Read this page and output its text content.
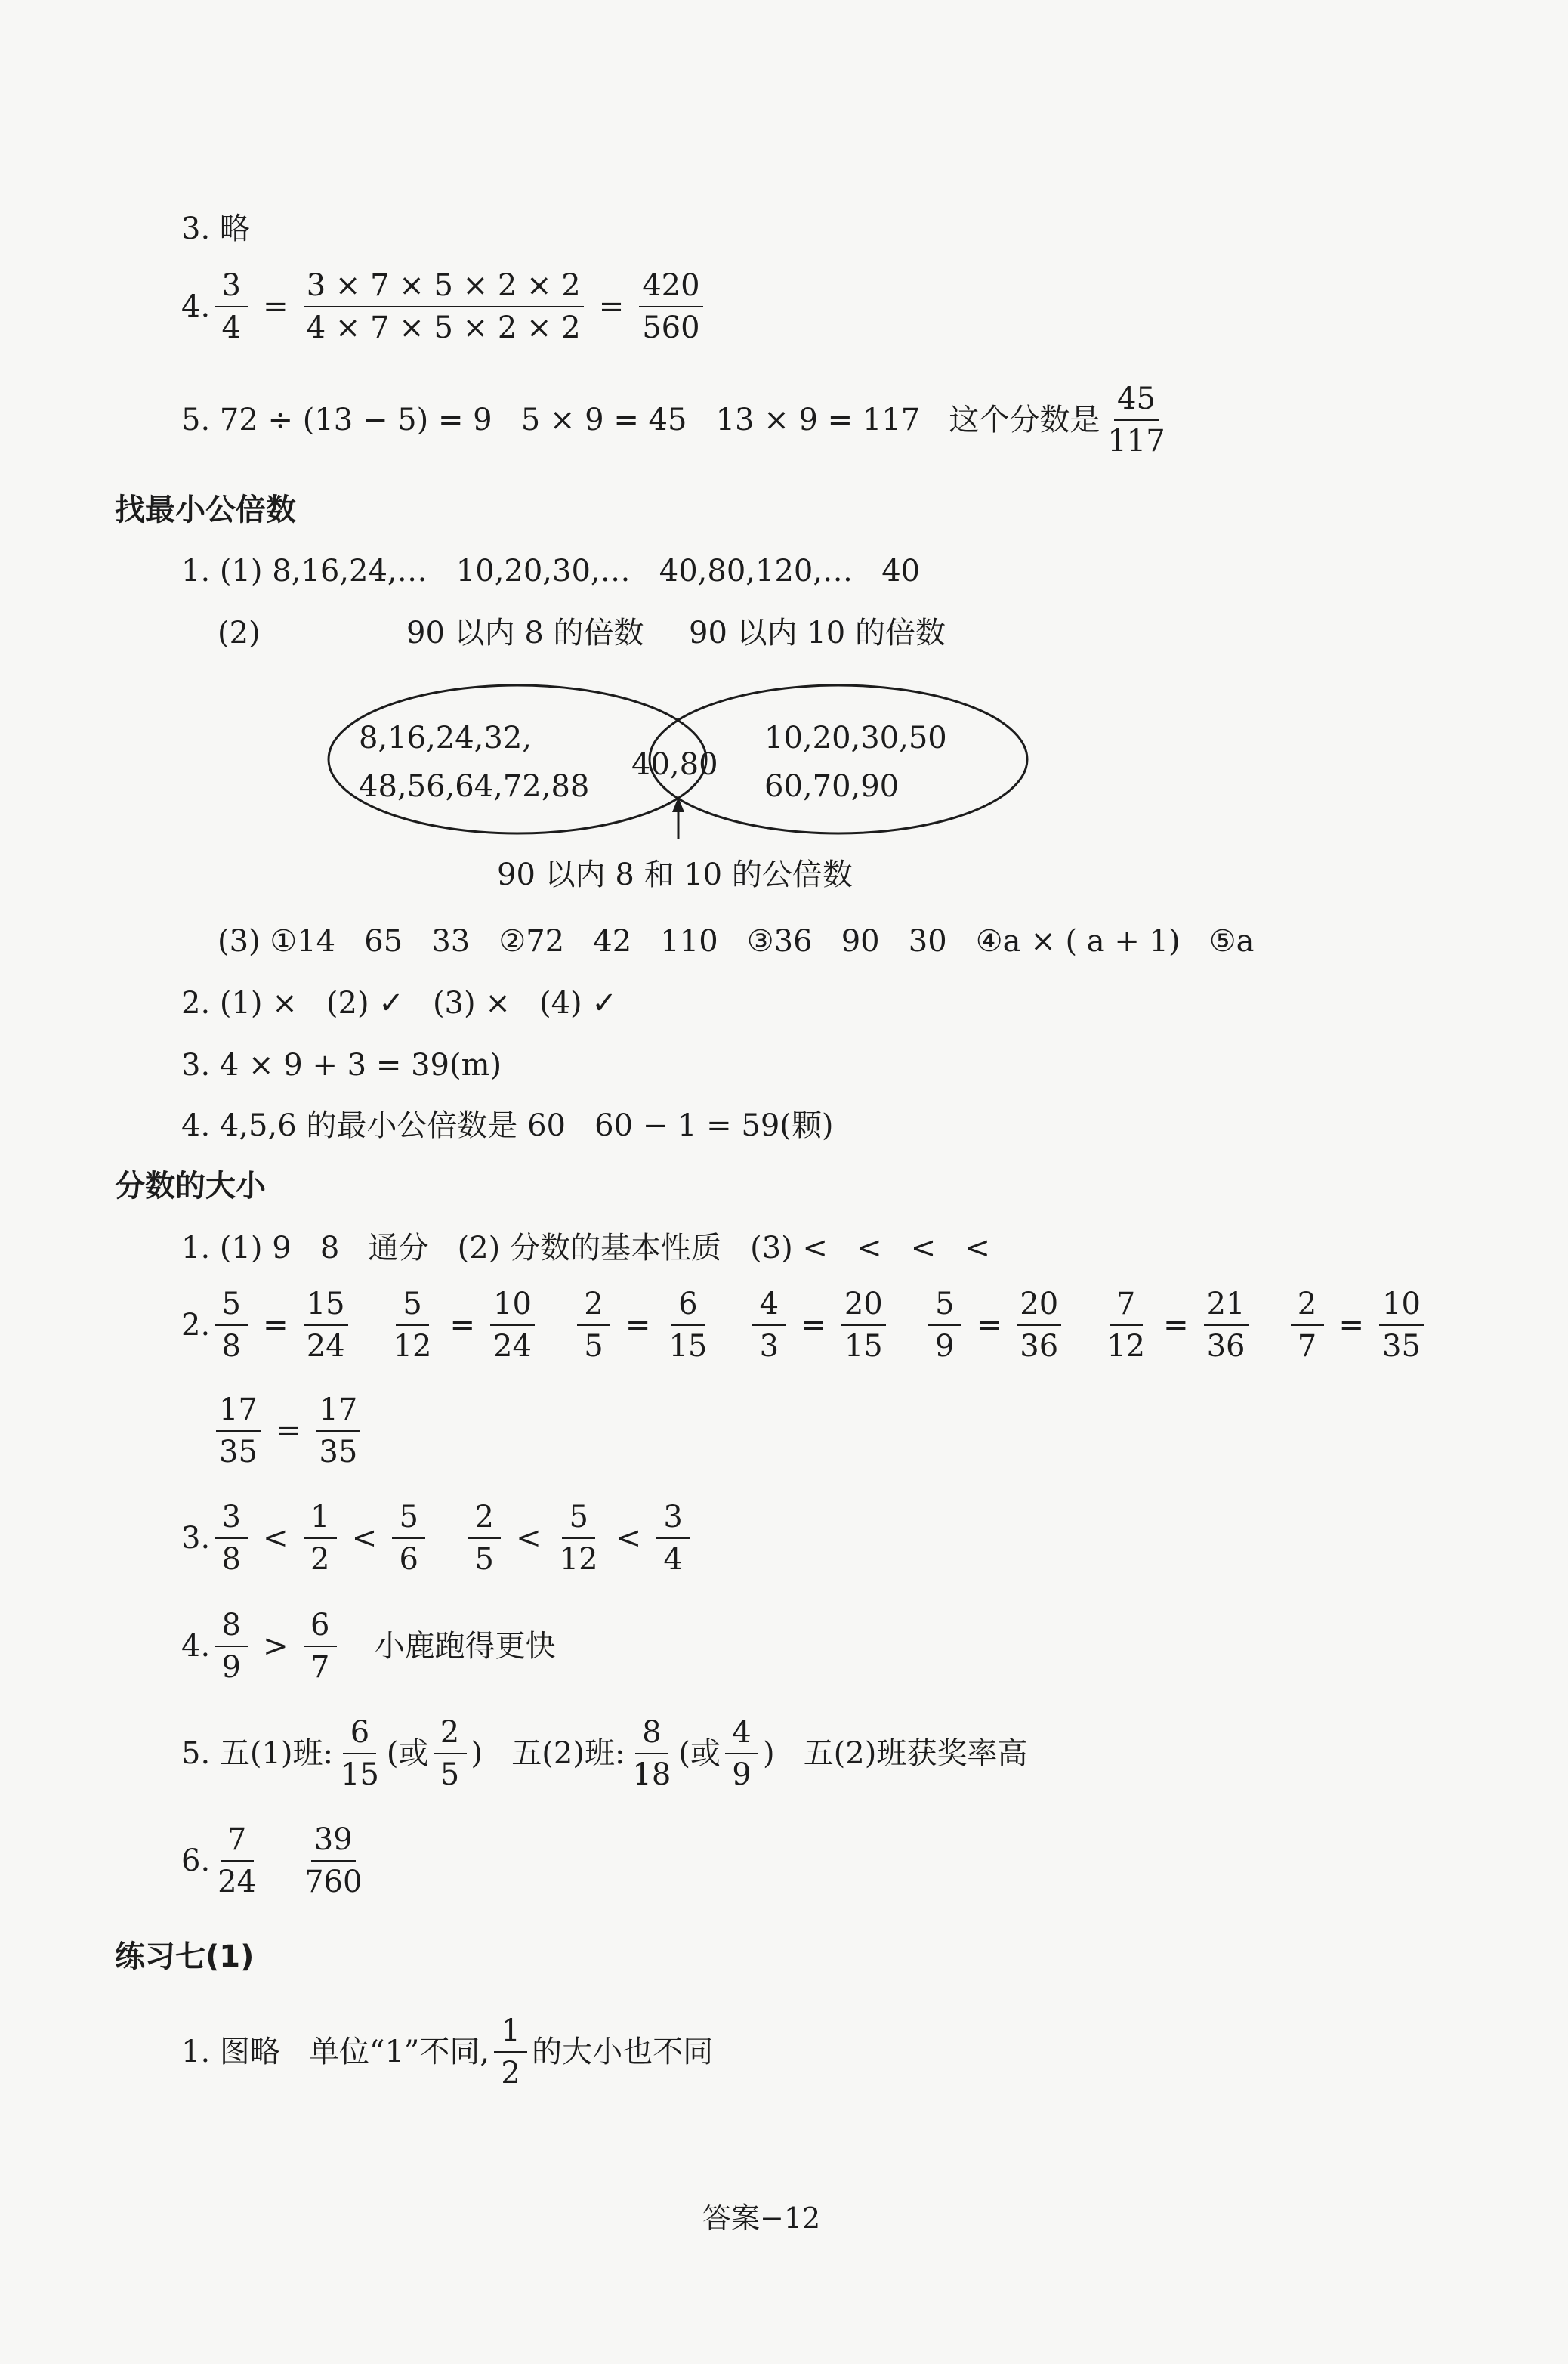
3. 略
4. $\frac{3}{4} = \frac{3 \times 7 \times 5 \times 2 \times 2}{4 \times 7 \times 5 \times 2 \times 2} = \frac{420}{560}$
5. 72 ÷ (13 − 5) = 9   5 × 9 = 45   13 × 9 = 117   这个分数是 $\frac{45}{117}$
找最小公倍数
1. (1) 8,16,24,…   10,20,30,…   40,80,120,…   40
(2)	90 以内 8 的倍数 90 以内 10 的倍数
8,16,24,32,
48,56,64,72,88
40,80
10,20,30,50
60,70,90
90 以内 8 和 10 的公倍数
(3) ①14   65   33   ②72   42   110   ③36   90   30   ④a × ( a + 1)   ⑤a
2. (1) ×   (2) ✓   (3) ×   (4) ✓
3. 4 × 9 + 3 = 39(m)
4. 4,5,6 的最小公倍数是 60   60 − 1 = 59(颗)
分数的大小
1. (1) 9   8   通分   (2) 分数的基本性质   (3) <   <   <   <
2. $\frac{5}{8} = \frac{15}{24} \frac{5}{12} = \frac{10}{24} \frac{2}{5} = \frac{6}{15} \frac{4}{3} = \frac{20}{15} \frac{5}{9} = \frac{20}{36} \frac{7}{12} = \frac{21}{36} \frac{2}{7} = \frac{10}{35}$
$\frac{17}{35} = \frac{17}{35}$
3. $\frac{3}{8} < \frac{1}{2} < \frac{5}{6} \frac{2}{5} < \frac{5}{12} < \frac{3}{4}$
4. $\frac{8}{9} > \frac{6}{7}$ 小鹿跑得更快
5. 五(1)班: $\frac{6}{15}$ (或 $\frac{2}{5}$ )   五(2)班: $\frac{8}{18}$ (或 $\frac{4}{9}$ )   五(2)班获奖率高
6. $\frac{7}{24} \frac{39}{760}$
练习七(1)
1. 图略   单位“1”不同, $\frac{1}{2}$ 的大小也不同
答案−12
